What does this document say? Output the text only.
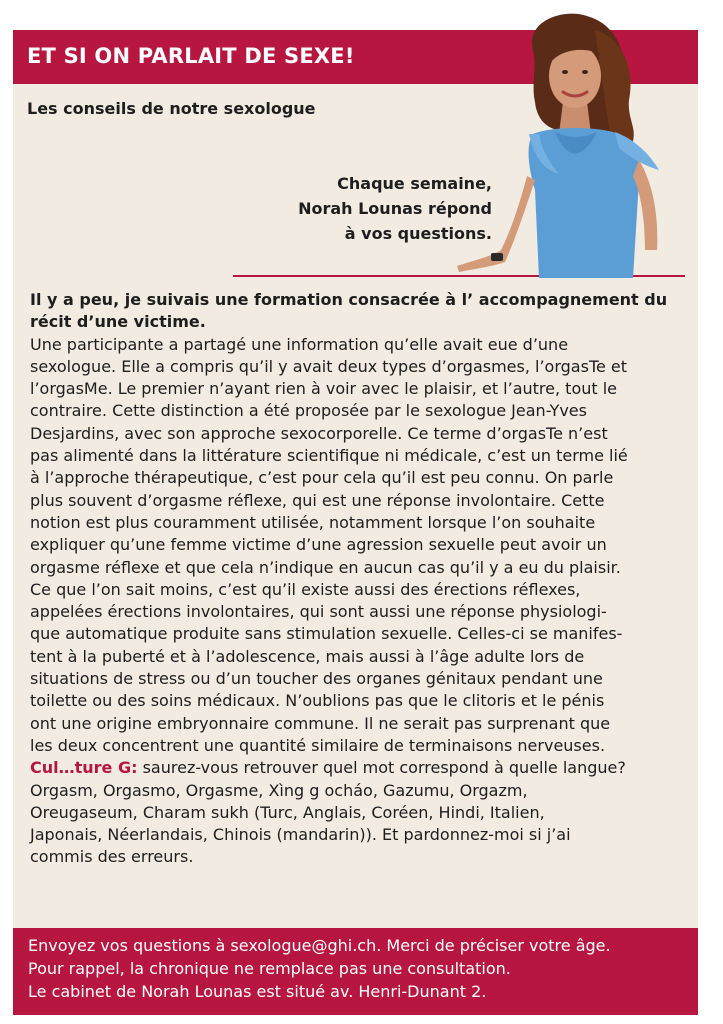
ET SI ON PARLAIT DE SEXE!
Les conseils de notre sexologue
Chaque semaine,
Norah Lounas répond
à vos questions.
Il y a peu, je suivais une formation consacrée à l’ accompagnement du
récit d’une victime.
Une participante a partagé une information qu’elle avait eue d’une
sexologue. Elle a compris qu’il y avait deux types d’orgasmes, l’orgasTe et
l’orgasMe. Le premier n’ayant rien à voir avec le plaisir, et l’autre, tout le
contraire. Cette distinction a été proposée par le sexologue Jean-Yves
Desjardins, avec son approche sexocorporelle. Ce terme d’orgasTe n’est
pas alimenté dans la littérature scientifique ni médicale, c’est un terme lié
à l’approche thérapeutique, c’est pour cela qu’il est peu connu. On parle
plus souvent d’orgasme réflexe, qui est une réponse involontaire. Cette
notion est plus couramment utilisée, notamment lorsque l’on souhaite
expliquer qu’une femme victime d’une agression sexuelle peut avoir un
orgasme réflexe et que cela n’indique en aucun cas qu’il y a eu du plaisir.
Ce que l’on sait moins, c’est qu’il existe aussi des érections réflexes,
appelées érections involontaires, qui sont aussi une réponse physiologi-
que automatique produite sans stimulation sexuelle. Celles-ci se manifes-
tent à la puberté et à l’adolescence, mais aussi à l’âge adulte lors de
situations de stress ou d’un toucher des organes génitaux pendant une
toilette ou des soins médicaux. N’oublions pas que le clitoris et le pénis
ont une origine embryonnaire commune. Il ne serait pas surprenant que
les deux concentrent une quantité similaire de terminaisons nerveuses.
Cul…ture G: saurez-vous retrouver quel mot correspond à quelle langue?
Orgasm, Orgasmo, Orgasme, Xìng g ocháo, Gazumu, Orgazm,
Oreugaseum, Charam sukh (Turc, Anglais, Coréen, Hindi, Italien,
Japonais, Néerlandais, Chinois (mandarin)). Et pardonnez-moi si j’ai
commis des erreurs.
Envoyez vos questions à sexologue@ghi.ch. Merci de préciser votre âge.
Pour rappel, la chronique ne remplace pas une consultation.
Le cabinet de Norah Lounas est situé av. Henri-Dunant 2.
